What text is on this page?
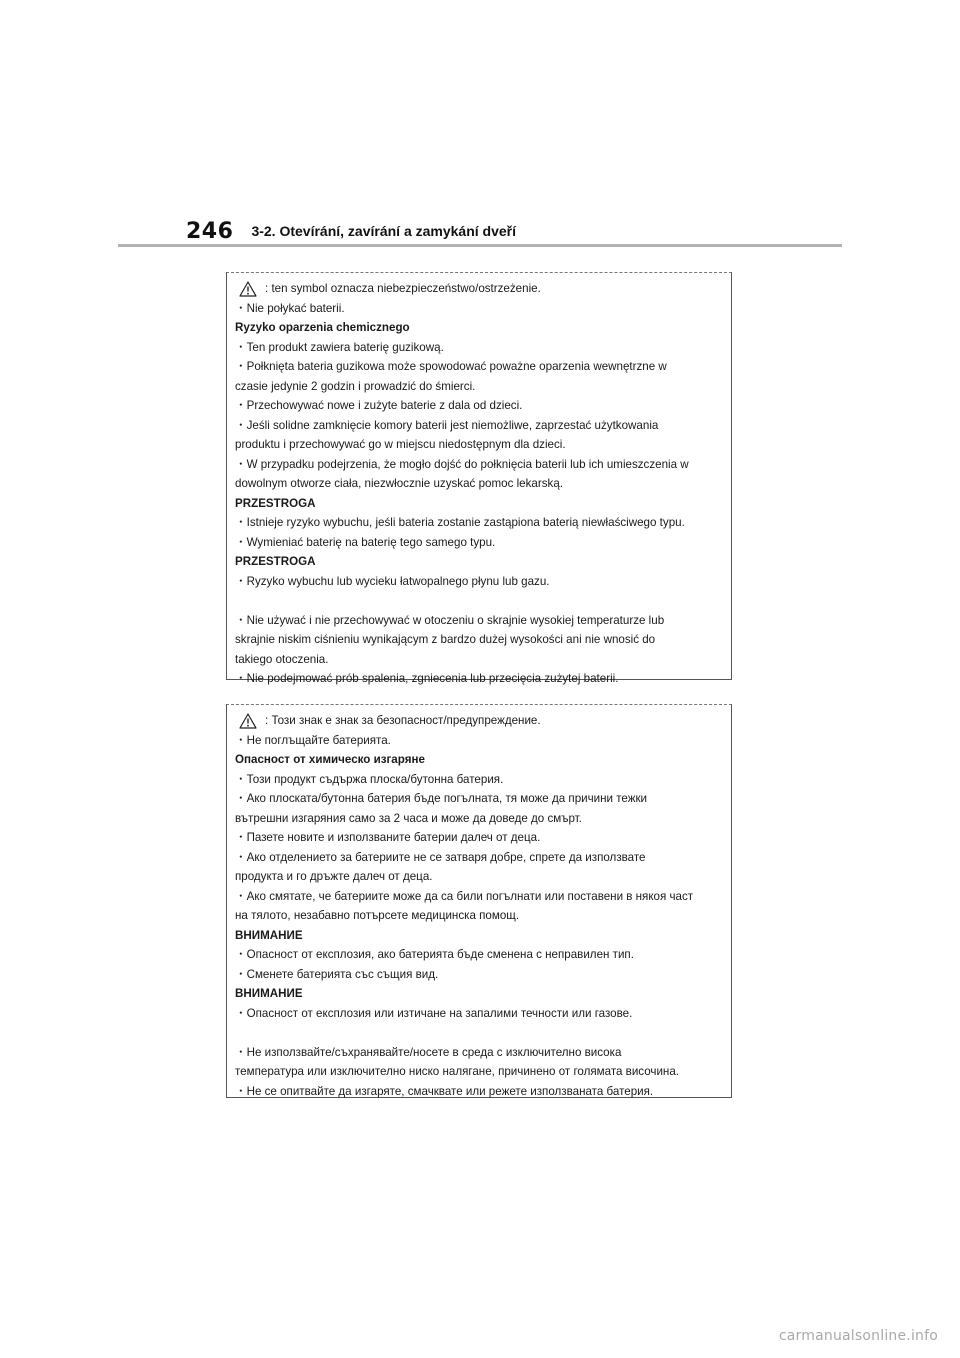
246 3-2. Otevírání, zavírání a zamykání dveří
: ten symbol oznacza niebezpieczeństwo/ostrzeżenie.
・Nie połykać baterii.
Ryzyko oparzenia chemicznego
・Ten produkt zawiera baterię guzikową.
・Połknięta bateria guzikowa może spowodować poważne oparzenia wewnętrzne w
czasie jedynie 2 godzin i prowadzić do śmierci.
・Przechowywać nowe i zużyte baterie z dala od dzieci.
・Jeśli solidne zamknięcie komory baterii jest niemożliwe, zaprzestać użytkowania
produktu i przechowywać go w miejscu niedostępnym dla dzieci.
・W przypadku podejrzenia, że mogło dojść do połknięcia baterii lub ich umieszczenia w
dowolnym otworze ciała, niezwłocznie uzyskać pomoc lekarską.
PRZESTROGA
・Istnieje ryzyko wybuchu, jeśli bateria zostanie zastąpiona baterią niewłaściwego typu.
・Wymieniać baterię na baterię tego samego typu.
PRZESTROGA
・Ryzyko wybuchu lub wycieku łatwopalnego płynu lub gazu.
・Nie używać i nie przechowywać w otoczeniu o skrajnie wysokiej temperaturze lub
skrajnie niskim ciśnieniu wynikającym z bardzo dużej wysokości ani nie wnosić do
takiego otoczenia.
・Nie podejmować prób spalenia, zgniecenia lub przecięcia zużytej baterii.
: Този знак е знак за безопасност/предупреждение.
・Не поглъщайте батерията.
Опасност от химическо изгаряне
・Този продукт съдържа плоска/бутонна батерия.
・Ако плоската/бутонна батерия бъде погълната, тя може да причини тежки
вътрешни изгаряния само за 2 часа и може да доведе до смърт.
・Пазете новите и използваните батерии далеч от деца.
・Ако отделението за батериите не се затваря добре, спрете да използвате
продукта и го дръжте далеч от деца.
・Ако смятате, че батериите може да са били погълнати или поставени в някоя част
на тялото, незабавно потърсете медицинска помощ.
ВНИМАНИЕ
・Опасност от експлозия, ако батерията бъде сменена с неправилен тип.
・Сменете батерията със същия вид.
ВНИМАНИЕ
・Опасност от експлозия или изтичане на запалими течности или газове.
・Не използвайте/съхранявайте/носете в среда с изключително висока
температура или изключително ниско налягане, причинено от голямата височина.
・Не се опитвайте да изгаряте, смачквате или режете използваната батерия.
carmanualsonline.info
